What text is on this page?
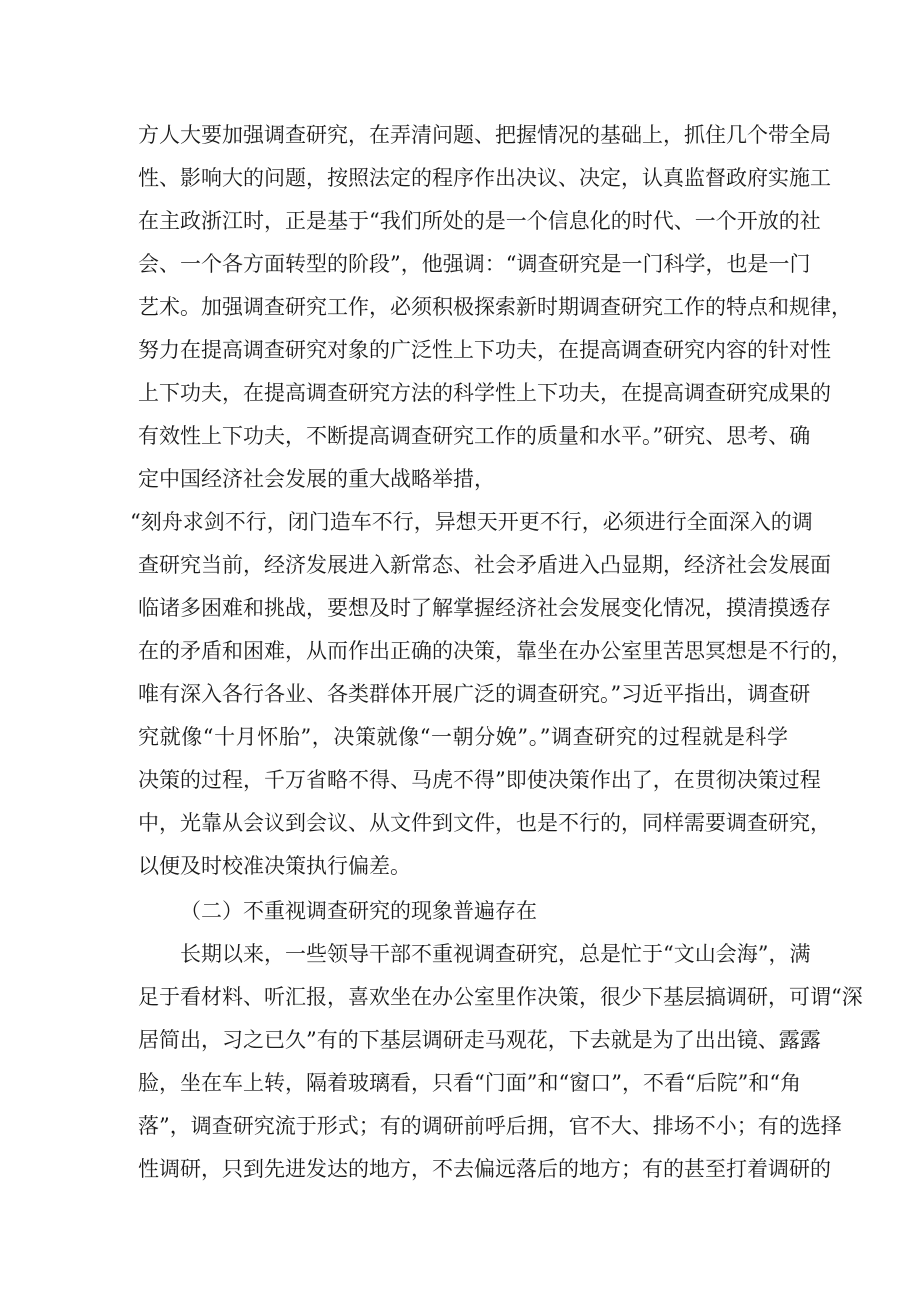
方人大要加强调查研究，在弄清问题、把握情况的基础上，抓住几个带全局
性、影响大的问题，按照法定的程序作出决议、决定，认真监督政府实施工
在主政浙江时，正是基于“我们所处的是一个信息化的时代、一个开放的社
会、一个各方面转型的阶段”，他强调：“调查研究是一门科学，也是一门
艺术。加强调查研究工作，必须积极探索新时期调查研究工作的特点和规律，
努力在提高调查研究对象的广泛性上下功夫，在提高调查研究内容的针对性
上下功夫，在提高调查研究方法的科学性上下功夫，在提高调查研究成果的
有效性上下功夫，不断提高调查研究工作的质量和水平。”研究、思考、确
定中国经济社会发展的重大战略举措，
“刻舟求剑不行，闭门造车不行，异想天开更不行，必须进行全面深入的调
查研究当前，经济发展进入新常态、社会矛盾进入凸显期，经济社会发展面
临诸多困难和挑战，要想及时了解掌握经济社会发展变化情况，摸清摸透存
在的矛盾和困难，从而作出正确的决策，靠坐在办公室里苦思冥想是不行的，
唯有深入各行各业、各类群体开展广泛的调查研究。”习近平指出，调查研
究就像“十月怀胎”，决策就像“一朝分娩”。”调查研究的过程就是科学
决策的过程，千万省略不得、马虎不得”即使决策作出了，在贯彻决策过程
中，光靠从会议到会议、从文件到文件，也是不行的，同样需要调查研究，
以便及时校准决策执行偏差。
（二）不重视调查研究的现象普遍存在
长期以来，一些领导干部不重视调查研究，总是忙于“文山会海”，满
足于看材料、听汇报，喜欢坐在办公室里作决策，很少下基层搞调研，可谓“深
居简出，习之已久”有的下基层调研走马观花，下去就是为了出出镜、露露
脸，坐在车上转，隔着玻璃看，只看“门面”和“窗口”，不看“后院”和“角
落”，调查研究流于形式；有的调研前呼后拥，官不大、排场不小；有的选择
性调研，只到先进发达的地方，不去偏远落后的地方；有的甚至打着调研的
